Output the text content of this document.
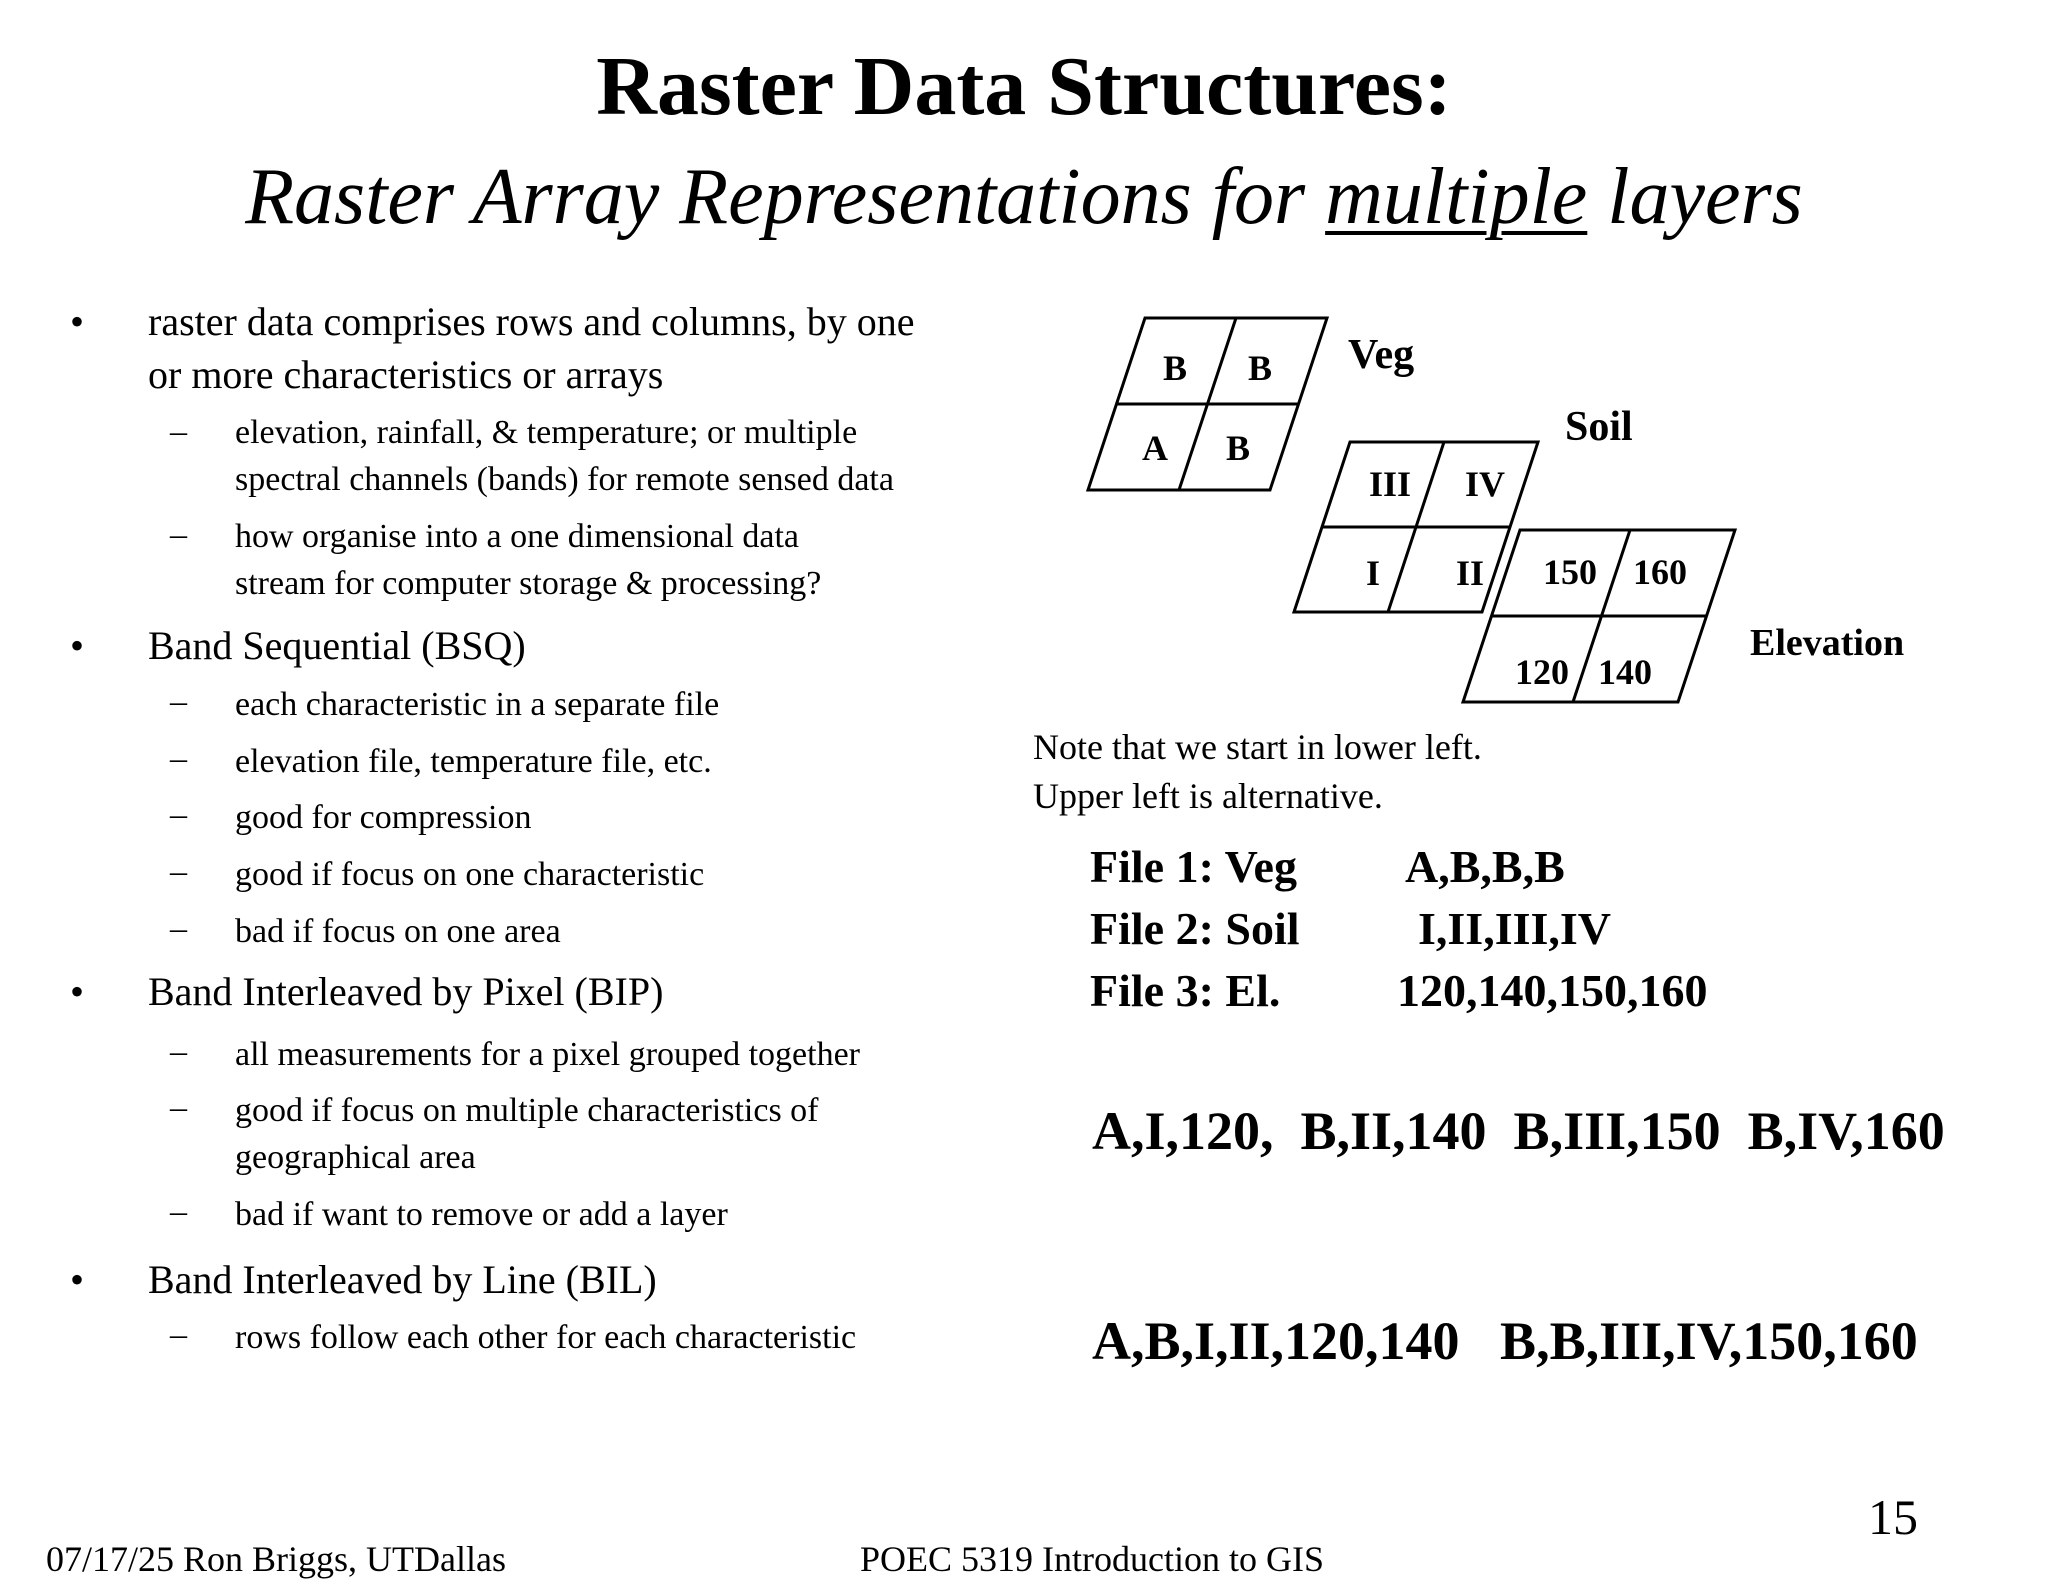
Raster Data Structures:
Raster Array Representations for multiple layers
• raster data comprises rows and columns, by one
or more characteristics or arrays
– elevation, rainfall, & temperature; or multiple
spectral channels (bands) for remote sensed data
– how organise into a one dimensional data
stream for computer storage & processing?
• Band Sequential (BSQ)
– each characteristic in a separate file
– elevation file, temperature file, etc.
– good for compression
– good if focus on one characteristic
– bad if focus on one area
• Band Interleaved by Pixel (BIP)
– all measurements for a pixel grouped together
– good if focus on multiple characteristics of
geographical area
– bad if want to remove or add a layer
• Band Interleaved by Line (BIL)
– rows follow each other for each characteristic
B B
A B
Veg
III IV
I II
Soil
150 160
120 140
Elevation
Note that we start in lower left.
Upper left is alternative.
File 1: Veg A,B,B,B
File 2: Soil	I,II,III,IV
File 3: El.	120,140,150,160
A,I,120,  B,II,140  B,III,150  B,IV,160
A,B,I,II,120,140   B,B,III,IV,150,160
15
07/17/25 Ron Briggs, UTDallas	POEC 5319 Introduction to GIS
